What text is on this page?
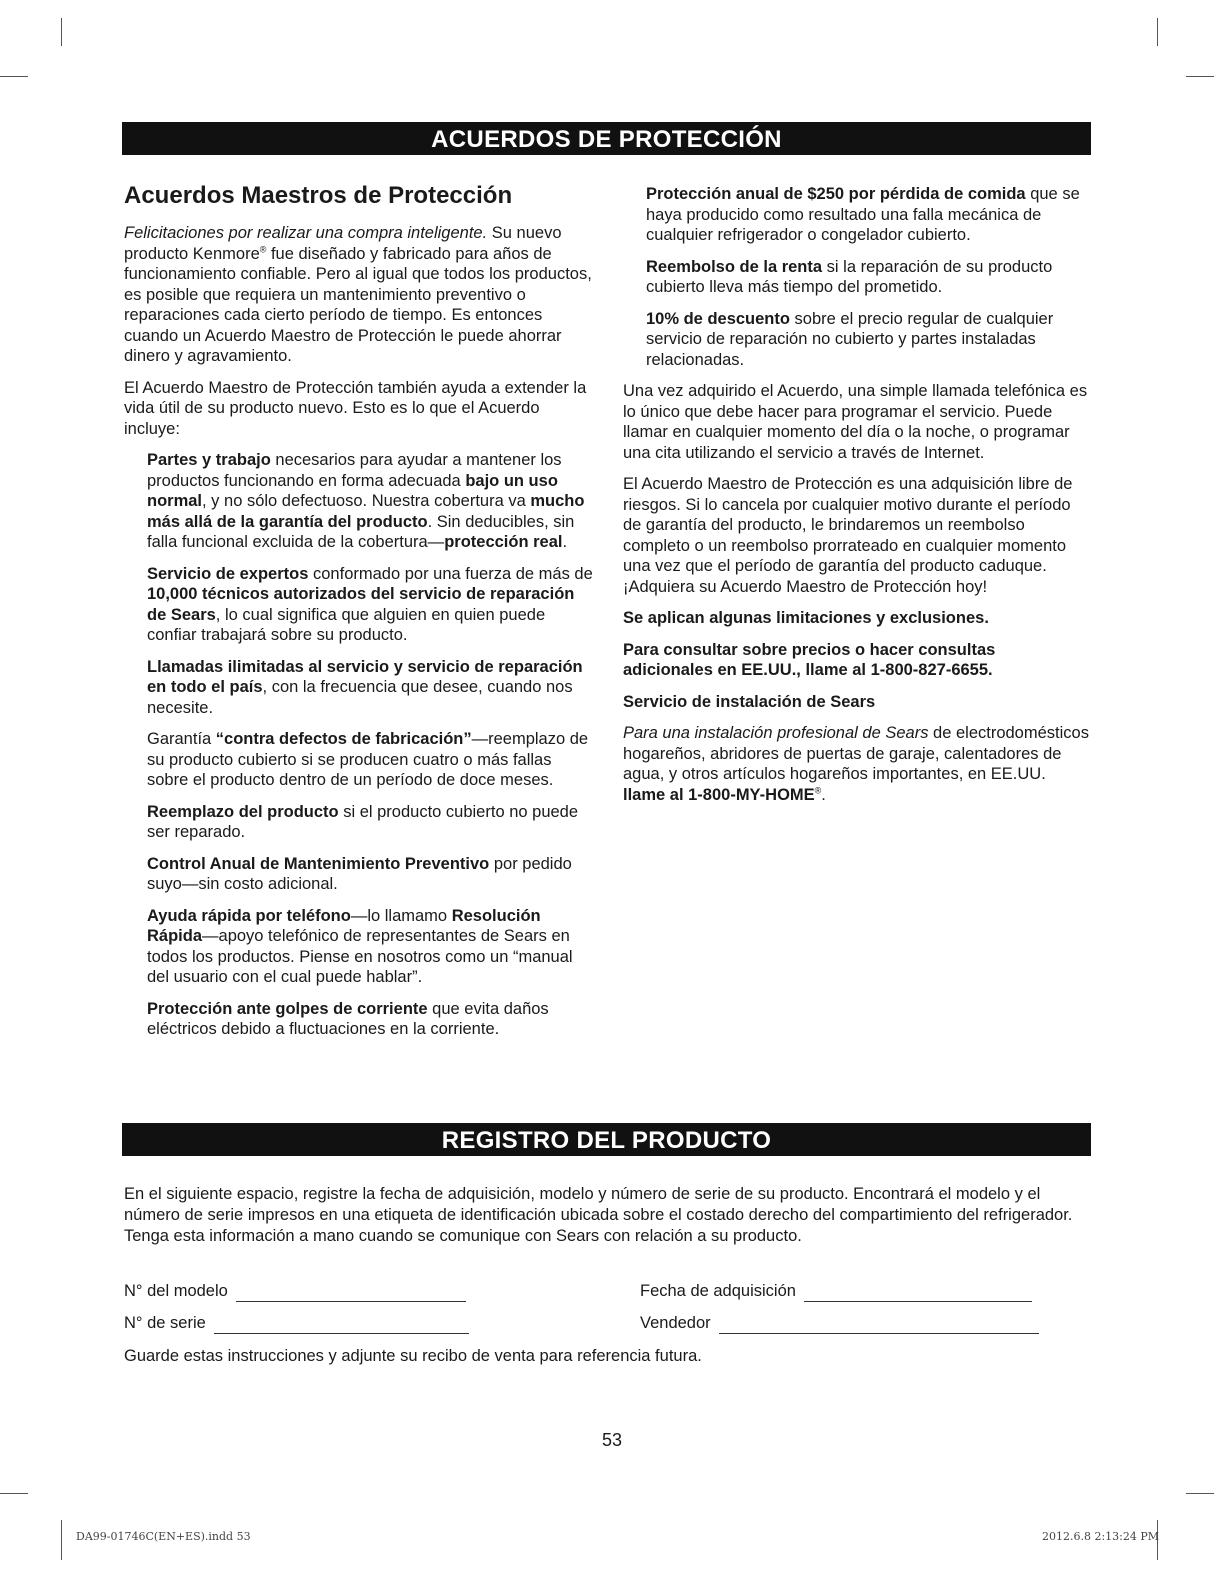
ACUERDOS DE PROTECCIÓN
Acuerdos Maestros de Protección

Felicitaciones por realizar una compra inteligente. Su nuevo producto Kenmore® fue diseñado y fabricado para años de funcionamiento confiable. Pero al igual que todos los productos, es posible que requiera un mantenimiento preventivo o reparaciones cada cierto período de tiempo. Es entonces cuando un Acuerdo Maestro de Protección le puede ahorrar dinero y agravamiento.

El Acuerdo Maestro de Protección también ayuda a extender la vida útil de su producto nuevo. Esto es lo que el Acuerdo incluye:

Partes y trabajo necesarios para ayudar a mantener los productos funcionando en forma adecuada bajo un uso normal, y no sólo defectuoso. Nuestra cobertura va mucho más allá de la garantía del producto. Sin deducibles, sin falla funcional excluida de la cobertura—protección real.

Servicio de expertos conformado por una fuerza de más de 10,000 técnicos autorizados del servicio de reparación de Sears, lo cual significa que alguien en quien puede confiar trabajará sobre su producto.

Llamadas ilimitadas al servicio y servicio de reparación en todo el país, con la frecuencia que desee, cuando nos necesite.

Garantía “contra defectos de fabricación”—reemplazo de su producto cubierto si se producen cuatro o más fallas sobre el producto dentro de un período de doce meses.

Reemplazo del producto si el producto cubierto no puede ser reparado.

Control Anual de Mantenimiento Preventivo por pedido suyo—sin costo adicional.

Ayuda rápida por teléfono—lo llamamo Resolución Rápida—apoyo telefónico de representantes de Sears en todos los productos. Piense en nosotros como un “manual del usuario con el cual puede hablar”.

Protección ante golpes de corriente que evita daños eléctricos debido a fluctuaciones en la corriente.

Protección anual de $250 por pérdida de comida que se haya producido como resultado una falla mecánica de cualquier refrigerador o congelador cubierto.

Reembolso de la renta si la reparación de su producto cubierto lleva más tiempo del prometido.

10% de descuento sobre el precio regular de cualquier servicio de reparación no cubierto y partes instaladas relacionadas.

Una vez adquirido el Acuerdo, una simple llamada telefónica es lo único que debe hacer para programar el servicio. Puede llamar en cualquier momento del día o la noche, o programar una cita utilizando el servicio a través de Internet.

El Acuerdo Maestro de Protección es una adquisición libre de riesgos. Si lo cancela por cualquier motivo durante el período de garantía del producto, le brindaremos un reembolso completo o un reembolso prorrateado en cualquier momento una vez que el período de garantía del producto caduque. ¡Adquiera su Acuerdo Maestro de Protección hoy!

Se aplican algunas limitaciones y exclusiones.

Para consultar sobre precios o hacer consultas adicionales en EE.UU., llame al 1-800-827-6655.

Servicio de instalación de Sears

Para una instalación profesional de Sears de electrodomésticos hogareños, abridores de puertas de garaje, calentadores de agua, y otros artículos hogareños importantes, en EE.UU. llame al 1-800-MY-HOME®.

REGISTRO DEL PRODUCTO

En el siguiente espacio, registre la fecha de adquisición, modelo y número de serie de su producto. Encontrará el modelo y el número de serie impresos en una etiqueta de identificación ubicada sobre el costado derecho del compartimiento del refrigerador. Tenga esta información a mano cuando se comunique con Sears con relación a su producto.

N° del modelo	Fecha de adquisición
N° de serie	Vendedor

Guarde estas instrucciones y adjunte su recibo de venta para referencia futura.

53
DA99-01746C(EN+ES).indd 53	2012.6.8 2:13:24 PM
